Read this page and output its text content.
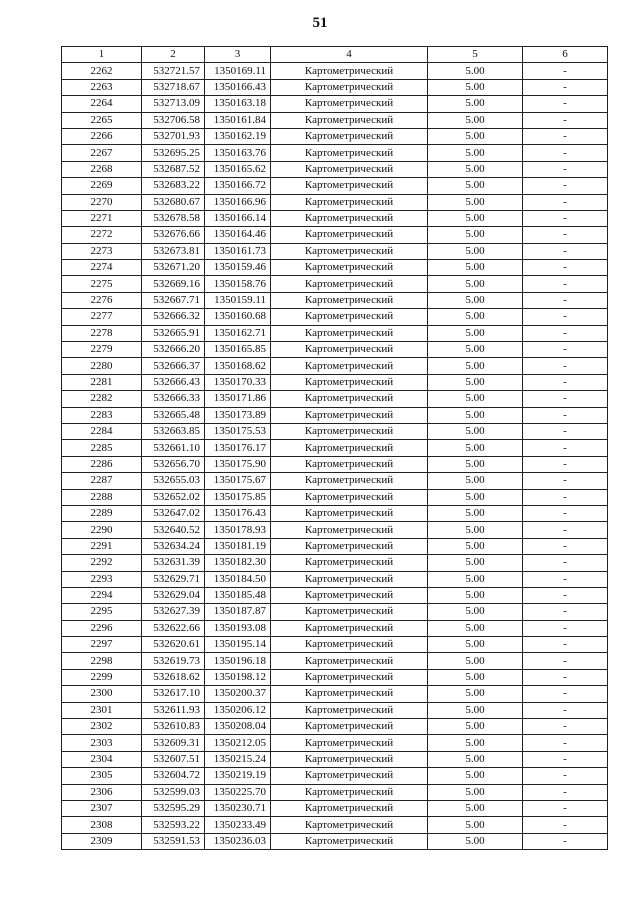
51
1	2	3	4	5	6
2262	532721.57	1350169.11	Картометрический	5.00	-
2263	532718.67	1350166.43	Картометрический	5.00	-
2264	532713.09	1350163.18	Картометрический	5.00	-
2265	532706.58	1350161.84	Картометрический	5.00	-
2266	532701.93	1350162.19	Картометрический	5.00	-
2267	532695.25	1350163.76	Картометрический	5.00	-
2268	532687.52	1350165.62	Картометрический	5.00	-
2269	532683.22	1350166.72	Картометрический	5.00	-
2270	532680.67	1350166.96	Картометрический	5.00	-
2271	532678.58	1350166.14	Картометрический	5.00	-
2272	532676.66	1350164.46	Картометрический	5.00	-
2273	532673.81	1350161.73	Картометрический	5.00	-
2274	532671.20	1350159.46	Картометрический	5.00	-
2275	532669.16	1350158.76	Картометрический	5.00	-
2276	532667.71	1350159.11	Картометрический	5.00	-
2277	532666.32	1350160.68	Картометрический	5.00	-
2278	532665.91	1350162.71	Картометрический	5.00	-
2279	532666.20	1350165.85	Картометрический	5.00	-
2280	532666.37	1350168.62	Картометрический	5.00	-
2281	532666.43	1350170.33	Картометрический	5.00	-
2282	532666.33	1350171.86	Картометрический	5.00	-
2283	532665.48	1350173.89	Картометрический	5.00	-
2284	532663.85	1350175.53	Картометрический	5.00	-
2285	532661.10	1350176.17	Картометрический	5.00	-
2286	532656.70	1350175.90	Картометрический	5.00	-
2287	532655.03	1350175.67	Картометрический	5.00	-
2288	532652.02	1350175.85	Картометрический	5.00	-
2289	532647.02	1350176.43	Картометрический	5.00	-
2290	532640.52	1350178.93	Картометрический	5.00	-
2291	532634.24	1350181.19	Картометрический	5.00	-
2292	532631.39	1350182.30	Картометрический	5.00	-
2293	532629.71	1350184.50	Картометрический	5.00	-
2294	532629.04	1350185.48	Картометрический	5.00	-
2295	532627.39	1350187.87	Картометрический	5.00	-
2296	532622.66	1350193.08	Картометрический	5.00	-
2297	532620.61	1350195.14	Картометрический	5.00	-
2298	532619.73	1350196.18	Картометрический	5.00	-
2299	532618.62	1350198.12	Картометрический	5.00	-
2300	532617.10	1350200.37	Картометрический	5.00	-
2301	532611.93	1350206.12	Картометрический	5.00	-
2302	532610.83	1350208.04	Картометрический	5.00	-
2303	532609.31	1350212.05	Картометрический	5.00	-
2304	532607.51	1350215.24	Картометрический	5.00	-
2305	532604.72	1350219.19	Картометрический	5.00	-
2306	532599.03	1350225.70	Картометрический	5.00	-
2307	532595.29	1350230.71	Картометрический	5.00	-
2308	532593.22	1350233.49	Картометрический	5.00	-
2309	532591.53	1350236.03	Картометрический	5.00	-
